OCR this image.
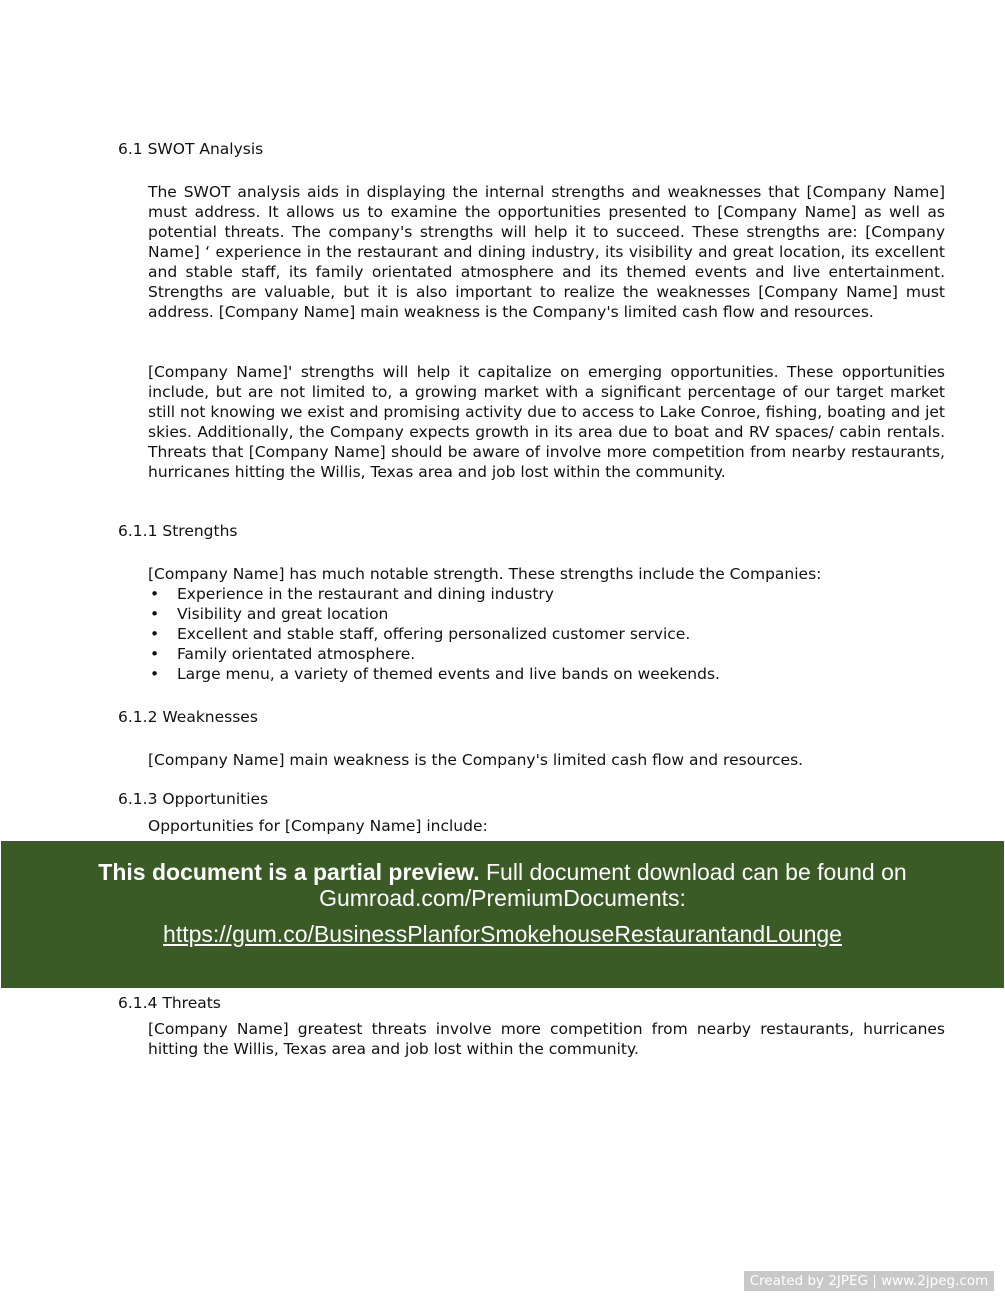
6.1 SWOT Analysis

The SWOT analysis aids in displaying the internal strengths and weaknesses that [Company Name] must address. It allows us to examine the opportunities presented to [Company Name] as well as potential threats. The company's strengths will help it to succeed. These strengths are: [Company Name] ‘ experience in the restaurant and dining industry, its visibility and great location, its excellent and stable staff, its family orientated atmosphere and its themed events and live entertainment. Strengths are valuable, but it is also important to realize the weaknesses [Company Name] must address. [Company Name] main weakness is the Company's limited cash flow and resources.

[Company Name]' strengths will help it capitalize on emerging opportunities. These opportunities include, but are not limited to, a growing market with a significant percentage of our target market still not knowing we exist and promising activity due to access to Lake Conroe, fishing, boating and jet skies. Additionally, the Company expects growth in its area due to boat and RV spaces/ cabin rentals. Threats that [Company Name] should be aware of involve more competition from nearby restaurants, hurricanes hitting the Willis, Texas area and job lost within the community.

6.1.1 Strengths

[Company Name] has much notable strength. These strengths include the Companies:

• Experience in the restaurant and dining industry
• Visibility and great location
• Excellent and stable staff, offering personalized customer service.
• Family orientated atmosphere.
• Large menu, a variety of themed events and live bands on weekends.
6.1.2 Weaknesses

[Company Name] main weakness is the Company's limited cash flow and resources.

6.1.3 Opportunities

Opportunities for [Company Name] include:

6.1.4 Threats

[Company Name] greatest threats involve more competition from nearby restaurants, hurricanes hitting the Willis, Texas area and job lost within the community.

This document is a partial preview. Full document download can be found on
Gumroad.com/PremiumDocuments:
https://gum.co/BusinessPlanforSmokehouseRestaurantandLounge
Created by 2JPEG | www.2jpeg.com
